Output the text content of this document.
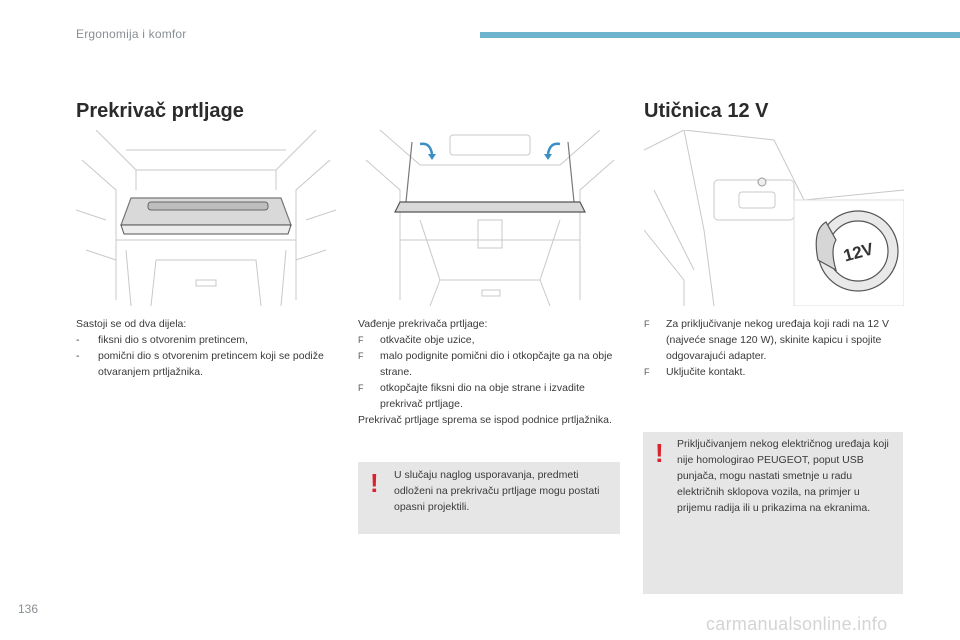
Ergonomija i komfor
Prekrivač prtljage	Utičnica 12 V
12V
Sastoji se od dva dijela:
-	fiksni dio s otvorenim pretincem,
-	pomični dio s otvorenim pretincem koji se podiže otvaranjem prtljažnika.
Vađenje prekrivača prtljage:
F	otkvačite obje uzice,
F	malo podignite pomični dio i otkopčajte ga na obje strane.
F	otkopčajte fiksni dio na obje strane i izvadite prekrivač prtljage.
Prekrivač prtljage sprema se ispod podnice prtljažnika.
! U slučaju naglog usporavanja, predmeti odloženi na prekrivaču prtljage mogu postati opasni projektili.
F	Za priključivanje nekog uređaja koji radi na 12 V (najveće snage 120 W), skinite kapicu i spojite odgovarajući adapter.
F	Uključite kontakt.
! Priključivanjem nekog električnog uređaja koji nije homologirao PEUGEOT, poput USB punjača, mogu nastati smetnje u radu električnih sklopova vozila, na primjer u prijemu radija ili u prikazima na ekranima.
136
carmanualsonline.info
